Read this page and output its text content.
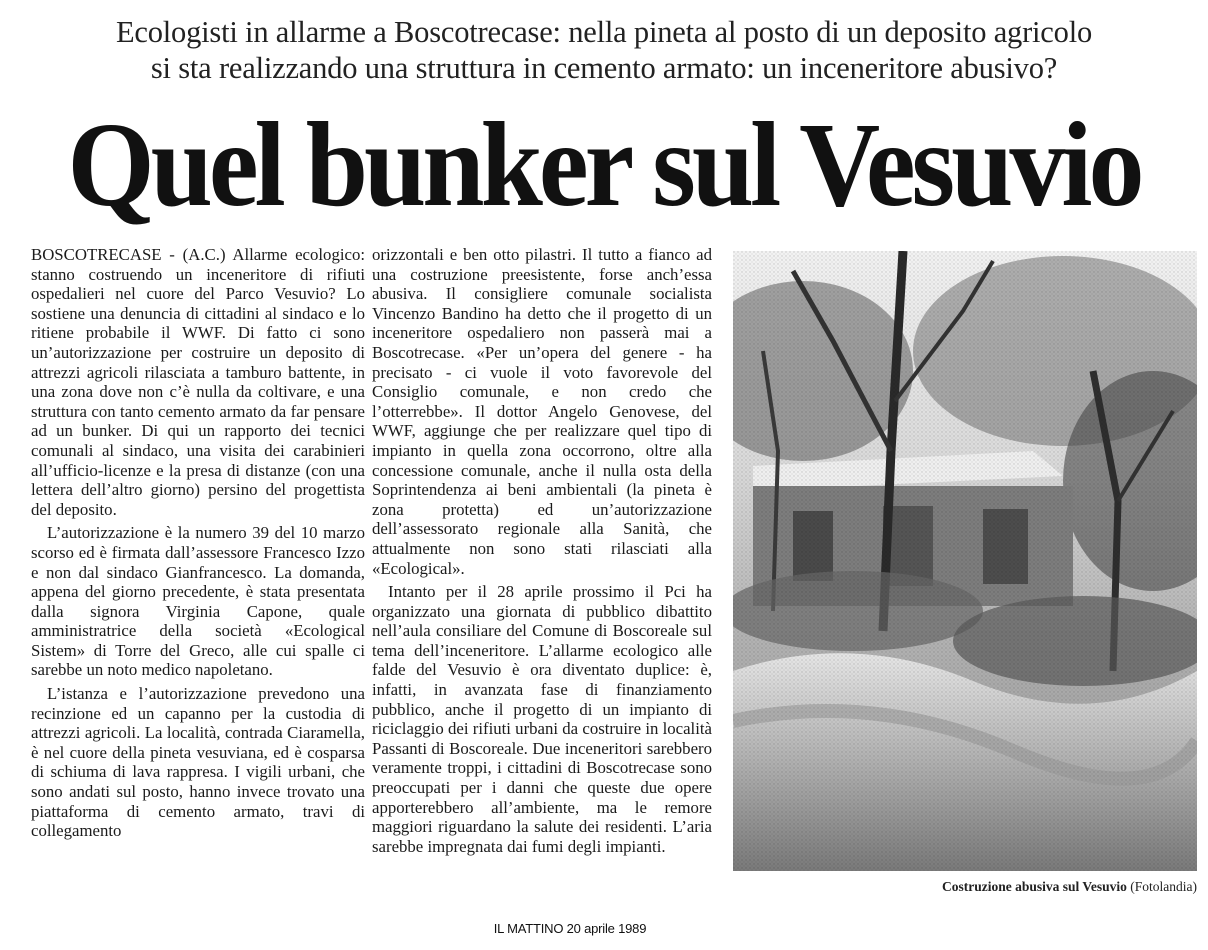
Ecologisti in allarme a Boscotrecase: nella pineta al posto di un deposito agricolo
si sta realizzando una struttura in cemento armato: un inceneritore abusivo?
Quel bunker sul Vesuvio

BOSCOTRECASE - (A.C.) Allarme ecologico: stanno costruendo un inceneritore di rifiuti ospedalieri nel cuore del Parco Vesuvio? Lo sostiene una denuncia di cittadini al sindaco e lo ritiene probabile il WWF. Di fatto ci sono un’autorizzazione per costruire un deposito di attrezzi agricoli rilasciata a tamburo battente, in una zona dove non c’è nulla da coltivare, e una struttura con tanto cemento armato da far pensare ad un bunker. Di qui un rapporto dei tecnici comunali al sindaco, una visita dei carabinieri all’ufficio-licenze e la presa di distanze (con una lettera dell’altro giorno) persino del progettista del deposito.

L’autorizzazione è la numero 39 del 10 marzo scorso ed è firmata dall’assessore Francesco Izzo e non dal sindaco Gianfrancesco. La domanda, appena del giorno precedente, è stata presentata dalla signora Virginia Capone, quale amministratrice della società «Ecological Sistem» di Torre del Greco, alle cui spalle ci sarebbe un noto medico napoletano.

L’istanza e l’autorizzazione prevedono una recinzione ed un capanno per la custodia di attrezzi agricoli. La località, contrada Ciaramella, è nel cuore della pineta vesuviana, ed è cosparsa di schiuma di lava rappresa. I vigili urbani, che sono andati sul posto, hanno invece trovato una piattaforma di cemento armato, travi di collegamento

orizzontali e ben otto pilastri. Il tutto a fianco ad una costruzione preesistente, forse anch’essa abusiva. Il consigliere comunale socialista Vincenzo Bandino ha detto che il progetto di un inceneritore ospedaliero non passerà mai a Boscotrecase. «Per un’opera del genere - ha precisato - ci vuole il voto favorevole del Consiglio comunale, e non credo che l’otterrebbe». Il dottor Angelo Genovese, del WWF, aggiunge che per realizzare quel tipo di impianto in quella zona occorrono, oltre alla concessione comunale, anche il nulla osta della Soprintendenza ai beni ambientali (la pineta è zona protetta) ed un’autorizzazione dell’assessorato regionale alla Sanità, che attualmente non sono stati rilasciati alla «Ecological».

Intanto per il 28 aprile prossimo il Pci ha organizzato una giornata di pubblico dibattito nell’aula consiliare del Comune di Boscoreale sul tema dell’inceneritore. L’allarme ecologico alle falde del Vesuvio è ora diventato duplice: è, infatti, in avanzata fase di finanziamento pubblico, anche il progetto di un impianto di riciclaggio dei rifiuti urbani da costruire in località Passanti di Boscoreale. Due inceneritori sarebbero veramente troppi, i cittadini di Boscotrecase sono preoccupati per i danni che queste due opere apporterebbero all’ambiente, ma le remore maggiori riguardano la salute dei residenti. L’aria sarebbe impregnata dai fumi degli impianti.

Costruzione abusiva sul Vesuvio (Fotolandia)
IL MATTINO 20 aprile 1989
